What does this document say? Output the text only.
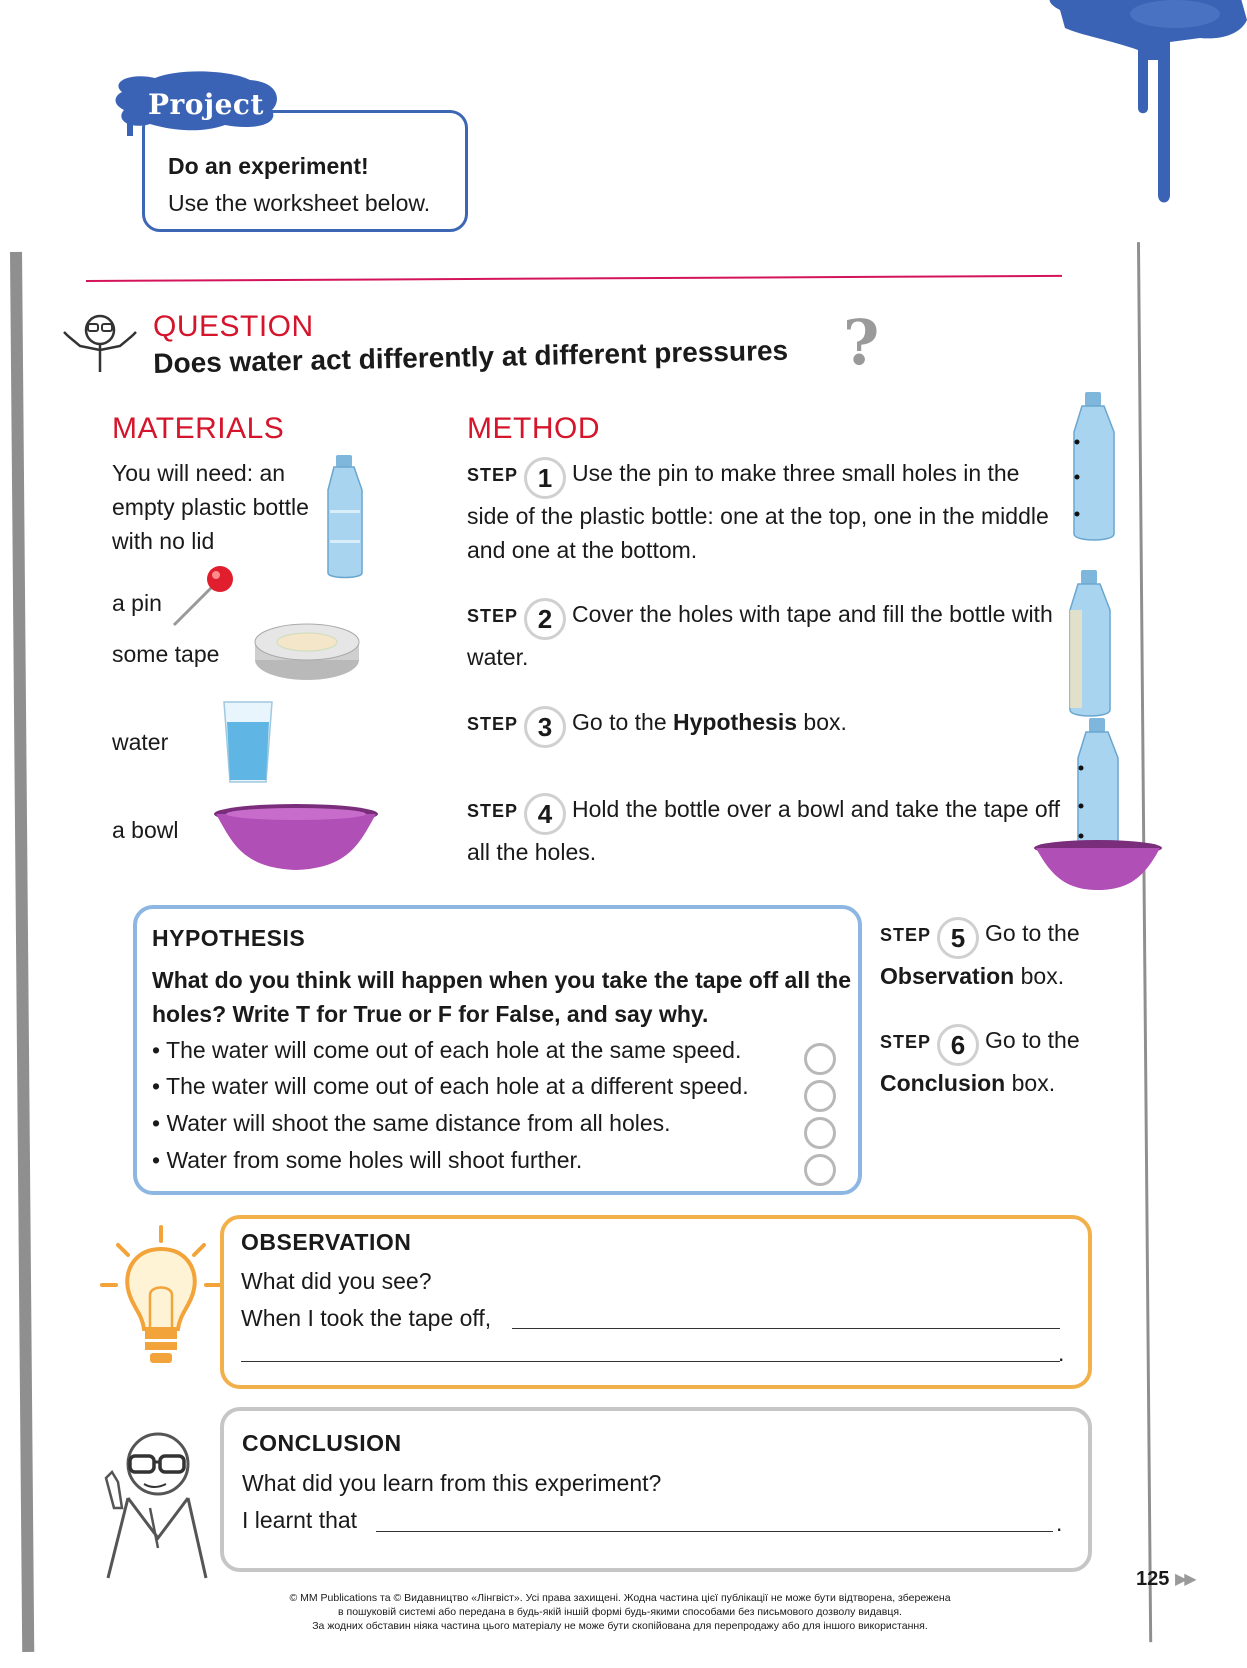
Project
Do an experiment!
Use the worksheet below.
QUESTION
Does water act differently at different pressures ?
MATERIALS
You will need: an empty plastic bottle with no lid
a pin
some tape
water
a bowl
METHOD
STEP 1 Use the pin to make three small holes in the side of the plastic bottle: one at the top, one in the middle and one at the bottom.
STEP 2 Cover the holes with tape and fill the bottle with water.
STEP 3 Go to the Hypothesis box.
STEP 4 Hold the bottle over a bowl and take the tape off all the holes.
STEP 5 Go to the Observation box.
STEP 6 Go to the Conclusion box.
HYPOTHESIS
What do you think will happen when you take the tape off all the holes? Write T for True or F for False, and say why.
• The water will come out of each hole at the same speed.
• The water will come out of each hole at a different speed.
• Water will shoot the same distance from all holes.
• Water from some holes will shoot further.
OBSERVATION
What did you see?
When I took the tape off,
.
CONCLUSION
What did you learn from this experiment?
I learnt that	.
125 ▶▶
© MM Publications та © Видавництво «Лінгвіст». Усі права захищені. Жодна частина цієї публікації не може бути відтворена, збережена
в пошуковій системі або передана в будь-якій іншій формі будь-якими способами без письмового дозволу видавця.
За жодних обставин ніяка частина цього матеріалу не може бути скопійована для перепродажу або для іншого використання.
